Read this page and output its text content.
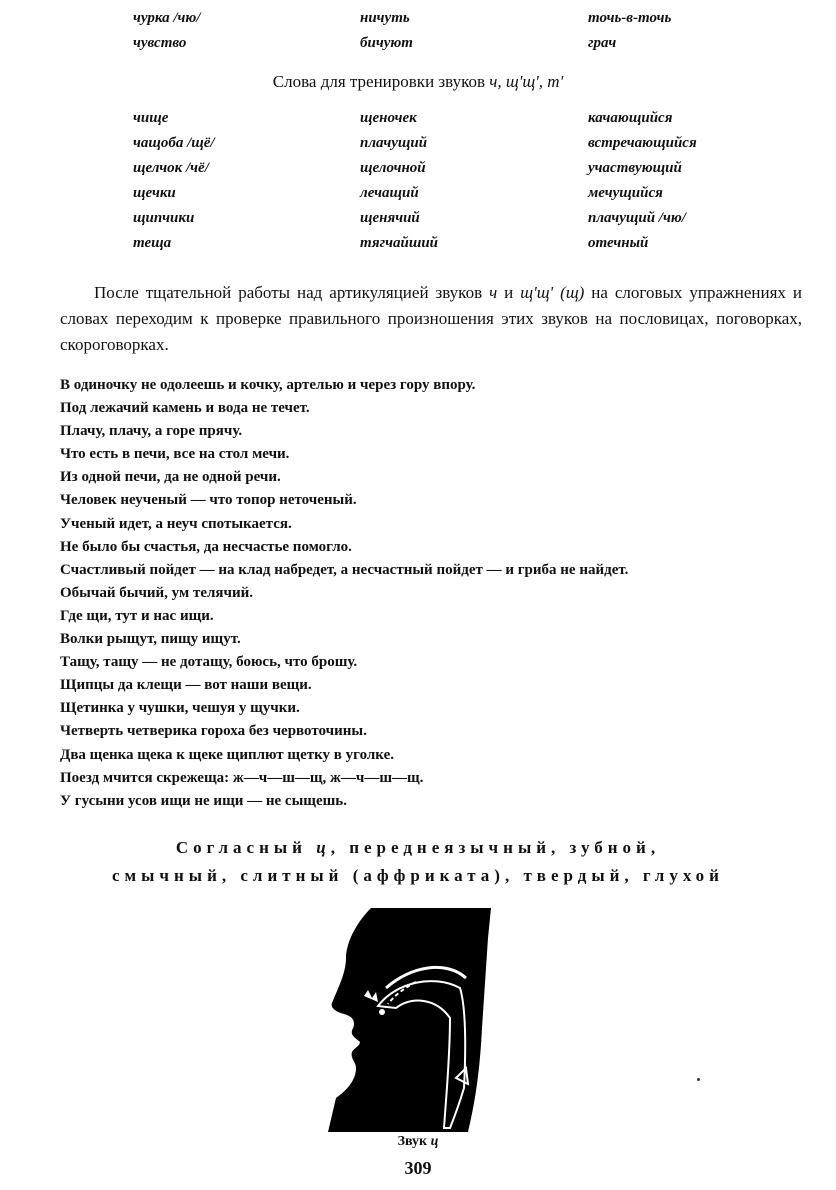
чурка /чю/	ничуть	точь-в-точь
чувство	бичуют	грач
Слова для тренировки звуков ч, щ'щ', т'
чище	щеночек	качающийся
чащоба /щё/	плачущий	встречающийся
щелчок /чё/	щелочной	участвующий
щечки	лечащий	мечущийся
щипчики	щенячий	плачущий /чю/
теща	тягчайший	отечный
После тщательной работы над артикуляцией звуков ч и щ'щ' (щ) на слоговых упражнениях и словах переходим к проверке правильного произношения этих звуков на пословицах, поговорках, скороговорках.
В одиночку не одолеешь и кочку, артелью и через гору впору.
Под лежачий камень и вода не течет.
Плачу, плачу, а горе прячу.
Что есть в печи, все на стол мечи.
Из одной печи, да не одной речи.
Человек неученый — что топор неточеный.
Ученый идет, а неуч спотыкается.
Не было бы счастья, да несчастье помогло.
Счастливый пойдет — на клад набредет, а несчастный пойдет — и гриба не найдет.
Обычай бычий, ум телячий.
Где щи, тут и нас ищи.
Волки рыщут, пищу ищут.
Тащу, тащу — не дотащу, боюсь, что брошу.
Щипцы да клещи — вот наши вещи.
Щетинка у чушки, чешуя у щучки.
Четверть четверика гороха без червоточины.
Два щенка щека к щеке щиплют щетку в уголке.
Поезд мчится скрежеща: ж—ч—ш—щ, ж—ч—ш—щ.
У гусыни усов ищи не ищи — не сыщешь.
Согласный ц, переднеязычный, зубной,
смычный, слитный (аффриката), твердый, глухой
Звук ц
309
